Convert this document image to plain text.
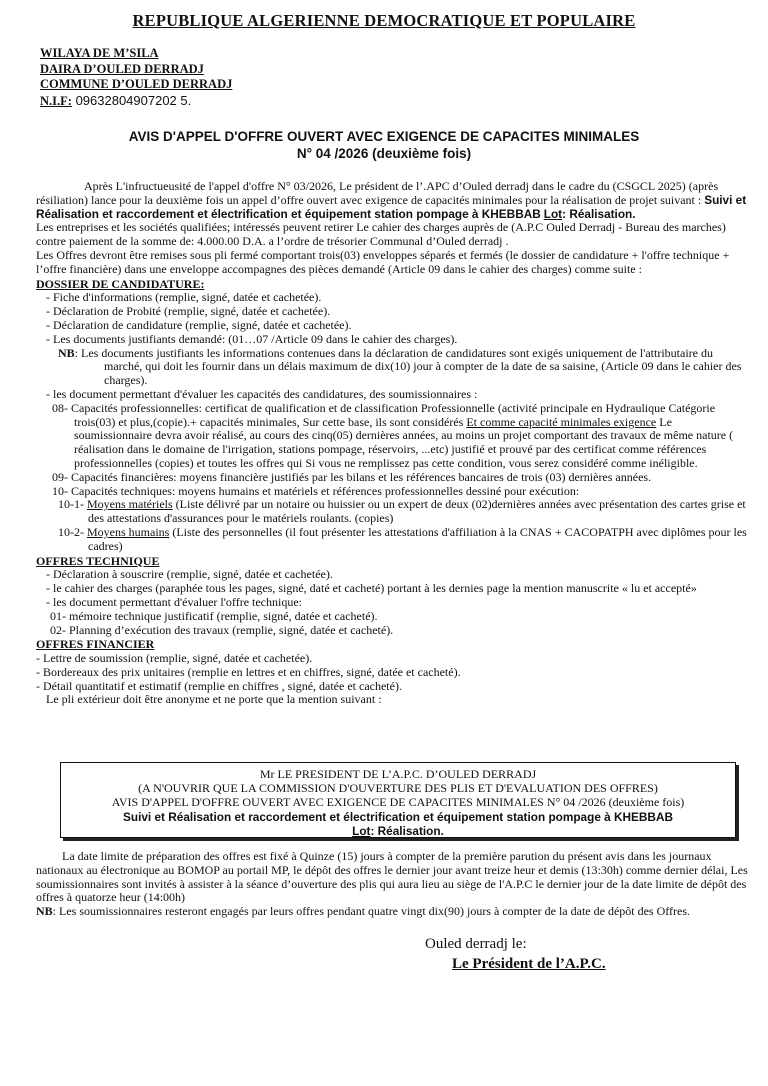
REPUBLIQUE ALGERIENNE DEMOCRATIQUE ET POPULAIRE
WILAYA DE M’SILA
DAIRA D’OULED DERRADJ
COMMUNE D’OULED DERRADJ
N.I.F: 09632804907202 5.
AVIS D'APPEL D'OFFRE OUVERT AVEC EXIGENCE DE CAPACITES MINIMALES
N° 04 /2026 (deuxième fois)

Après L'infructueusité de l'appel d'offre N° 03/2026, Le président de l’.APC d’Ouled derradj dans le cadre du (CSGCL 2025) (après résiliation) lance pour la deuxième fois un appel d’offre ouvert avec exigence de capacités minimales pour la réalisation de projet suivant : Suivi et Réalisation et raccordement et électrification et équipement station pompage à KHEBBAB Lot: Réalisation.

Les entreprises et les sociétés qualifiées; intéressés peuvent retirer Le cahier des charges auprès de (A.P.C Ouled Derradj - Bureau des marches) contre paiement de la somme de: 4.000.00 D.A. a l’ordre de trésorier Communal d’Ouled derradj .

Les Offres devront être remises sous pli fermé comportant trois(03) enveloppes séparés et fermés (le dossier de candidature + l'offre technique + l’offre financière) dans une enveloppe accompagnes des pièces demandé (Article 09 dans le cahier des charges) comme suite :

DOSSIER DE CANDIDATURE:

- Fiche d'informations (remplie, signé, datée et cachetée).

- Déclaration de Probité (remplie, signé, datée et cachetée).

- Déclaration de candidature (remplie, signé, datée et cachetée).

- Les documents justifiants demandé: (01…07 /Article 09 dans le cahier des charges).

NB: Les documents justifiants les informations contenues dans la déclaration de candidatures sont exigés uniquement de l'attributaire du marché, qui doit les fournir dans un délais maximum de dix(10) jour à compter de la date de sa saisine, (Article 09 dans le cahier des charges).

- les document permettant d'évaluer les capacités des candidatures, des soumissionnaires :

08- Capacités professionnelles: certificat de qualification et de classification Professionnelle (activité principale en Hydraulique Catégorie trois(03) et plus,(copie).+ capacités minimales, Sur cette base, ils sont considérés Et comme capacité minimales exigence Le soumissionnaire devra avoir réalisé, au cours des cinq(05) dernières années, au moins un projet comportant des travaux de même nature ( réalisation dans le domaine de l'irrigation, stations pompage, réservoirs, ...etc) justifié et prouvé par des certificat comme références professionnelles (copies) et toutes les offres qui Si vous ne remplissez pas cette condition, vous serez considéré comme inéligible.

09- Capacités financières: moyens financière justifiés par les bilans et les références bancaires de trois (03) dernières années.

10- Capacités techniques: moyens humains et matériels et références professionnelles dessiné pour exécution:

10-1- Moyens matériels (Liste délivré par un notaire ou huissier ou un expert de deux (02)dernières années avec présentation des cartes grise et des attestations d'assurances pour le matériels roulants. (copies)

10-2- Moyens humains (Liste des personnelles (il fout présenter les attestations d'affiliation à la CNAS + CACOPATPH avec diplômes pour les cadres)

OFFRES TECHNIQUE

- Déclaration à souscrire (remplie, signé, datée et cachetée).

- le cahier des charges (paraphée tous les pages, signé, daté et cacheté) portant à les dernies page la mention manuscrite « lu et accepté»

- les document permettant d'évaluer l'offre technique:

01- mémoire technique justificatif (remplie, signé, datée et cacheté).

02- Planning d’exécution des travaux (remplie, signé, datée et cacheté).

OFFRES FINANCIER

- Lettre de soumission (remplie, signé, datée et cachetée).

- Bordereaux des prix unitaires (remplie en lettres et en chiffres, signé, datée et cacheté).

- Détail quantitatif et estimatif (remplie en chiffres , signé, datée et cacheté).

Le pli extérieur doit être anonyme et ne porte que la mention suivant :

Mr LE PRESIDENT DE L’A.P.C. D’OULED DERRADJ
(A N'OUVRIR QUE LA COMMISSION D'OUVERTURE DES PLIS ET D'EVALUATION DES OFFRES)
AVIS D'APPEL D'OFFRE OUVERT AVEC EXIGENCE DE CAPACITES MINIMALES N° 04 /2026 (deuxième fois)
Suivi et Réalisation et raccordement et électrification et équipement station pompage à KHEBBAB
Lot: Réalisation.

La date limite de préparation des offres est fixé à Quinze (15) jours à compter de la première parution du présent avis dans les journaux nationaux au électronique au BOMOP au portail MP, le dépôt des offres le dernier jour avant treize heur et demis (13:30h) comme dernier délai, Les soumissionnaires sont invités à assister à la séance d’ouverture des plis qui aura lieu au siège de l'A.P.C le dernier jour de la date limite de dépôt des offres à quatorze heur (14:00h)

NB: Les soumissionnaires resteront engagés par leurs offres pendant quatre vingt dix(90) jours à compter de la date de dépôt des Offres.

Ouled derradj le:
Le Président de l’A.P.C.
